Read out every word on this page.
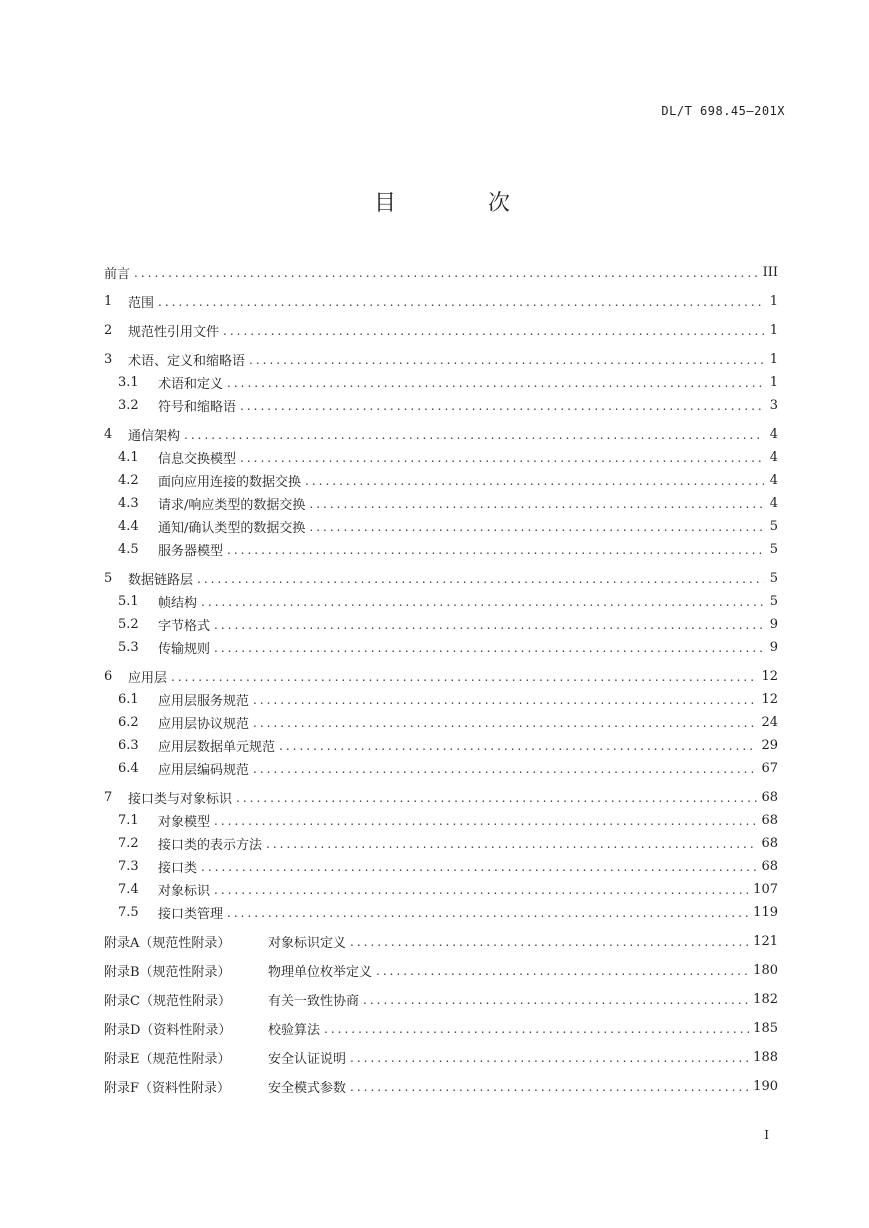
DL/T 698.45—201X
目	次
前言 .....	III
1	范围 .....	1
2	规范性引用文件 .....	1
3	术语、定义和缩略语 .....	1
3.1	术语和定义 .....	1
3.2	符号和缩略语 .....	3
4	通信架构 .....	4
4.1	信息交换模型 .....	4
4.2	面向应用连接的数据交换 .....	4
4.3	请求/响应类型的数据交换 .....	4
4.4	通知/确认类型的数据交换 .....	5
4.5	服务器模型 .....	5
5	数据链路层 .....	5
5.1	帧结构 .....	5
5.2	字节格式 .....	9
5.3	传输规则 .....	9
6	应用层 .....	12
6.1	应用层服务规范 .....	12
6.2	应用层协议规范 .....	24
6.3	应用层数据单元规范 .....	29
6.4	应用层编码规范 .....	67
7	接口类与对象标识 .....	68
7.1	对象模型 .....	68
7.2	接口类的表示方法 .....	68
7.3	接口类 .....	68
7.4	对象标识 .....	107
7.5	接口类管理 .....	119
附录A（规范性附录）	对象标识定义 .....	121
附录B（规范性附录）	物理单位枚举定义 .....	180
附录C（规范性附录）	有关一致性协商 .....	182
附录D（资料性附录）	校验算法 .....	185
附录E（规范性附录）	安全认证说明 .....	188
附录F（资料性附录）	安全模式参数 .....	190
I
